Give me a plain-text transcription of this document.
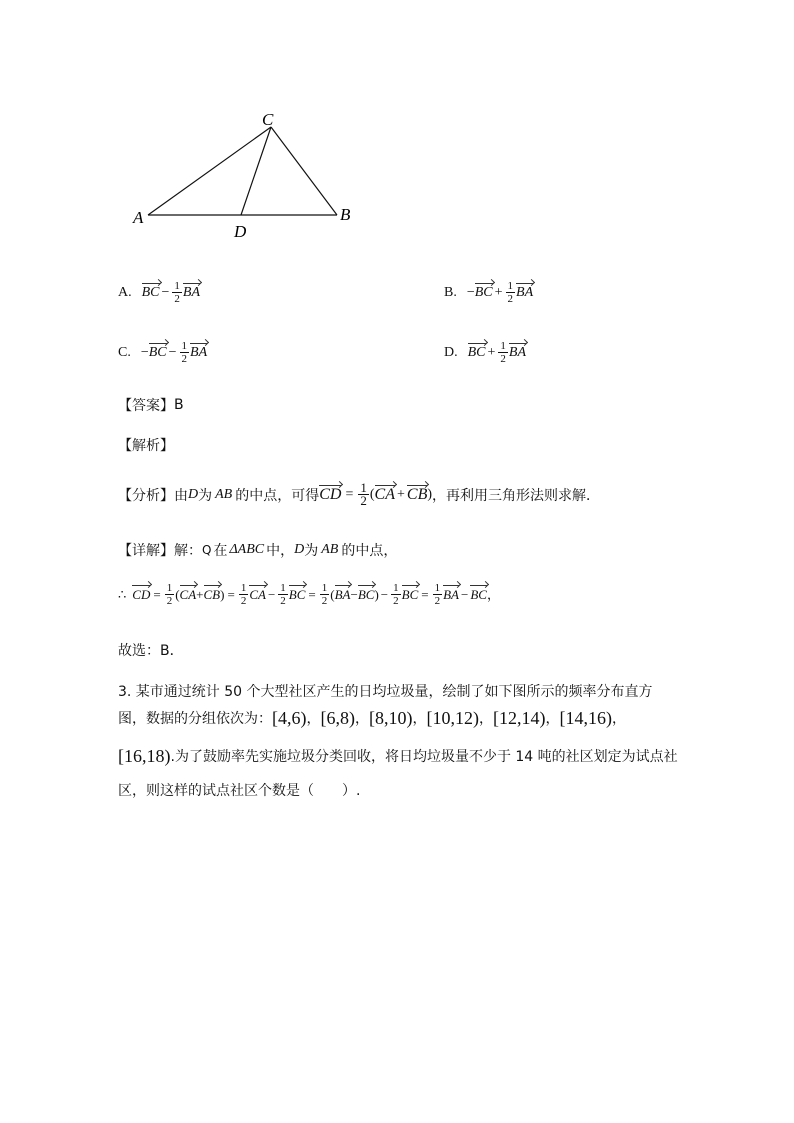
C
A	B
D
A. BC − $\frac{1}{2}$ BA	B. − BC + $\frac{1}{2}$ BA
C. − BC − $\frac{1}{2}$ BA	D. BC + $\frac{1}{2}$ BA
【答案】 B
【解析】
【分析】 由 D 为 AB 的中点，可得 CD = $\frac{1}{2}$ ( CA + CB ) ，再利用三角形法则求解．
【详解】 解： Q 在 ΔABC 中， D 为 AB 的中点，
∴ CD = $\frac{1}{2}$ ( CA + CB ) = $\frac{1}{2}$ CA − $\frac{1}{2}$ BC = $\frac{1}{2}$ ( BA − BC ) − $\frac{1}{2}$ BC = $\frac{1}{2}$ BA − BC ，
故选：B．
3. 某市通过统计 50 个大型社区产生的日均垃圾量，绘制了如下图所示的频率分布直方
图，数据的分组依次为： [4,6) ， [6,8) ， [8,10) ， [10,12) ， [12,14) ， [14,16) ，
[16,18) .为了鼓励率先实施垃圾分类回收，将日均垃圾量不少于 14 吨的社区划定为试点社
区，则这样的试点社区个数是（　　）.
